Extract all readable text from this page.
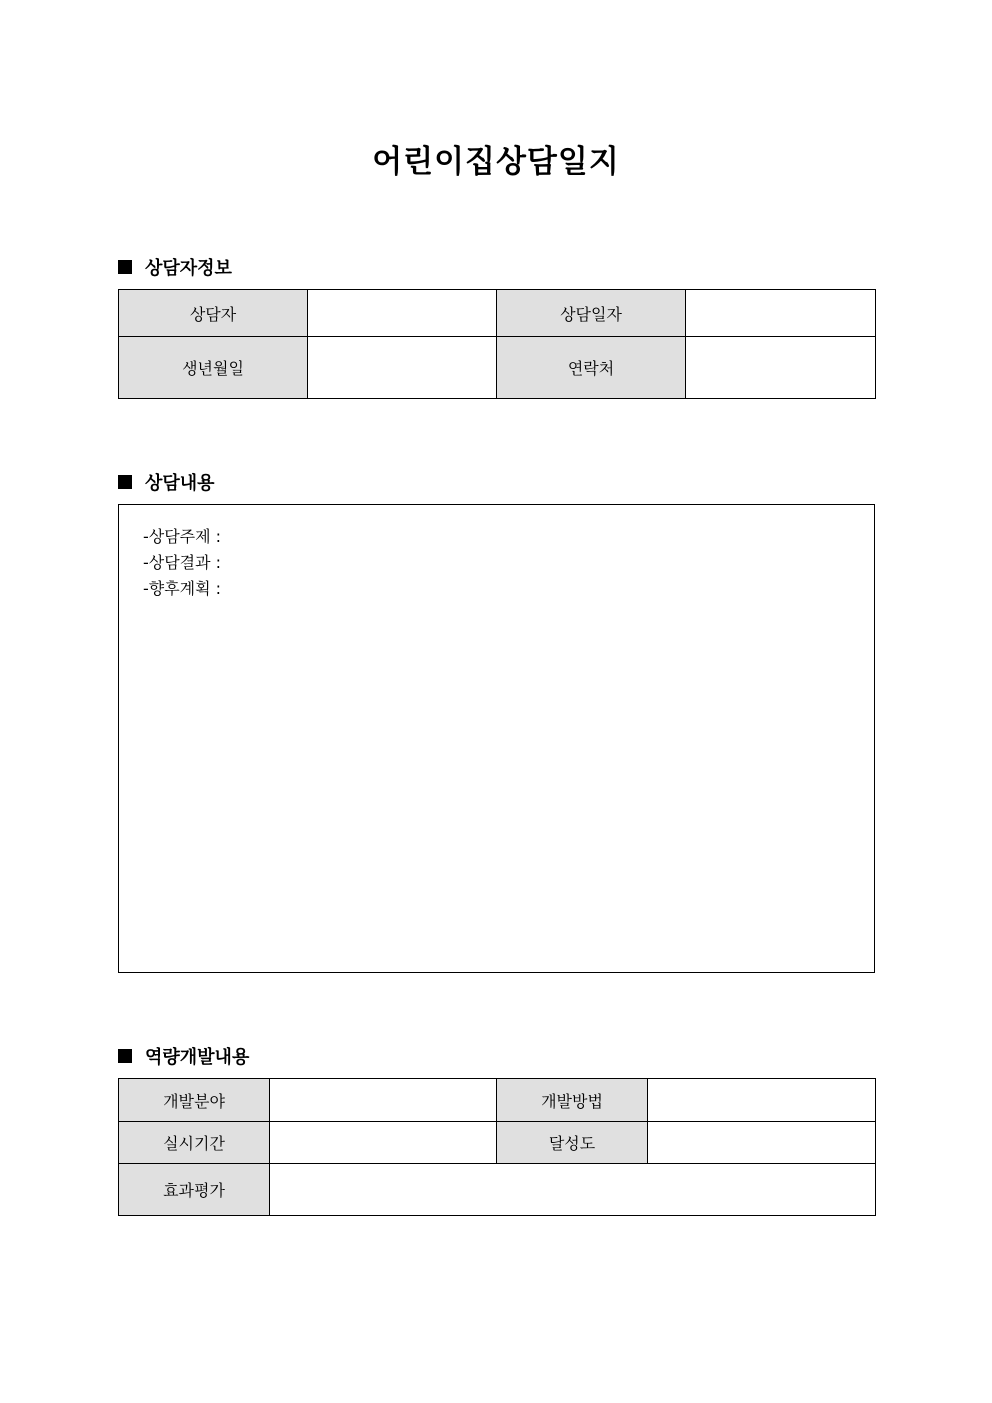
어린이집상담일지
상담자정보
상담자		상담일자	
생년월일		연락처	
상담내용
-상담주제 :
-상담결과 :
-향후계획 :
역량개발내용
개발분야		개발방법	
실시기간		달성도	
효과평가			
